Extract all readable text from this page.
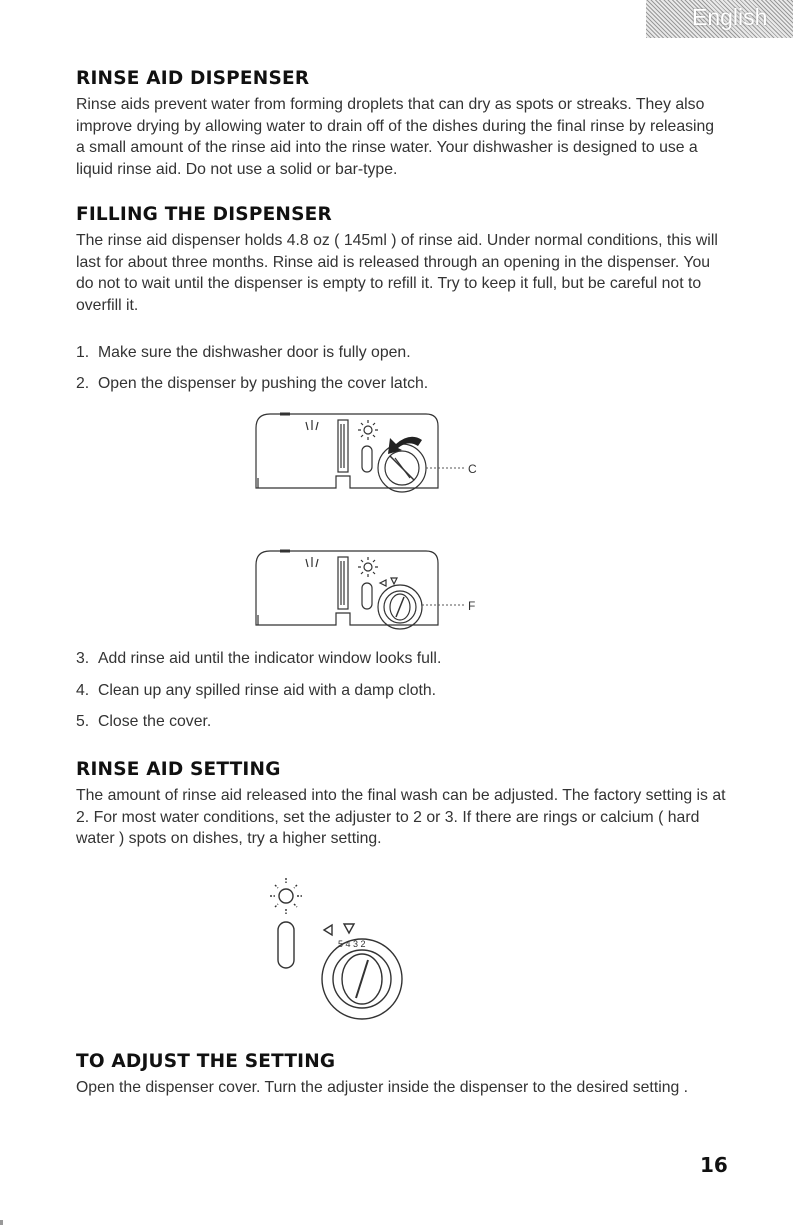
English
RINSE AID DISPENSER

Rinse aids prevent water from forming droplets that can dry as spots or streaks. They also improve drying by allowing water to drain off of the dishes during the final rinse by releasing a small amount of the rinse aid into the rinse water. Your dishwasher is designed to use a liquid rinse aid. Do not use a solid or bar-type.

FILLING THE DISPENSER

The rinse aid dispenser holds 4.8 oz ( 145ml ) of rinse aid. Under normal conditions, this will last for about three months. Rinse aid is released through an opening in the dispenser. You do not to wait until the dispenser is empty to refill it. Try to keep it full, but be careful not to overfill it.

1. Make sure the dishwasher door is fully open.
2. Open the dispenser by pushing the cover latch.
C
F
3. Add rinse aid until the indicator window looks full.
4. Clean up any spilled rinse aid with a damp cloth.
5. Close the cover.
RINSE AID SETTING

The amount of rinse aid released into the final wash can be adjusted. The factory setting is at 2. For most water conditions, set the adjuster to 2 or 3. If there are rings or calcium ( hard water ) spots on dishes, try a higher setting.

5 4 3 2
TO ADJUST THE SETTING

Open the dispenser cover. Turn the adjuster inside the dispenser to the desired setting .

16
